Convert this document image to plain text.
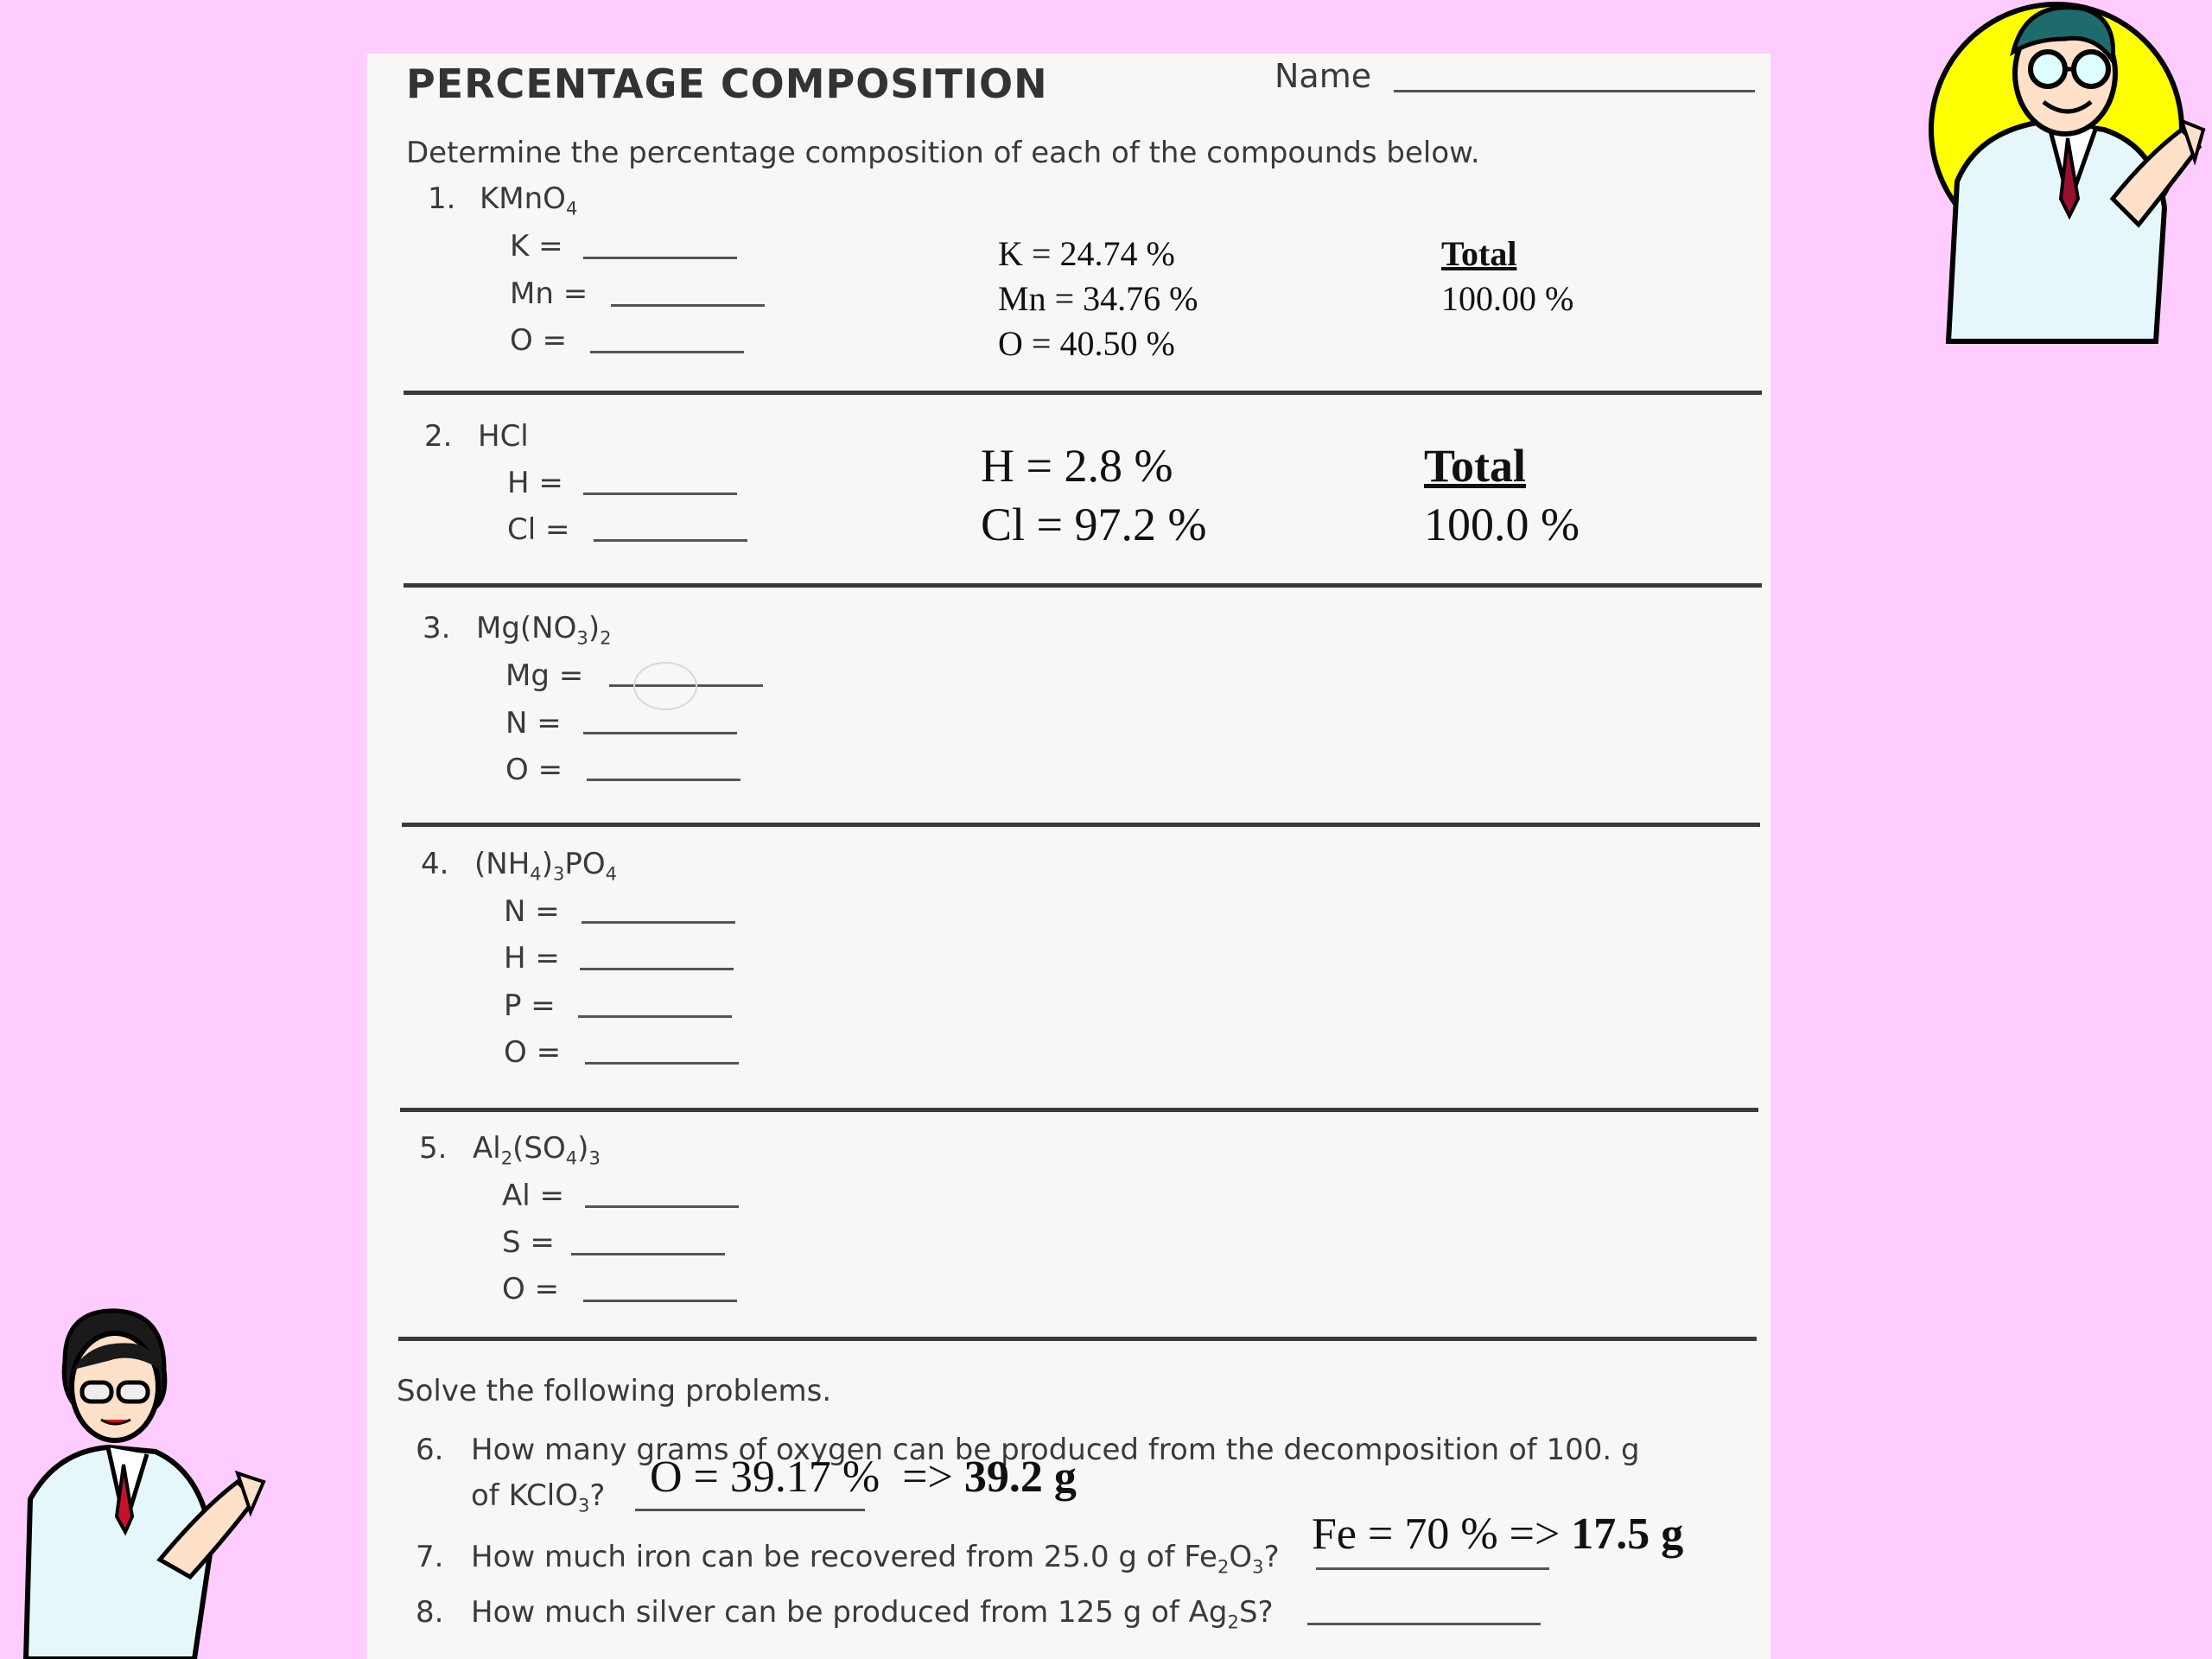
PERCENTAGE COMPOSITION	Name
Determine the percentage composition of each of the compounds below.
1. KMnO$_4$
K =
Mn =
O =
2. HCl
H =
Cl =
3. $Mg(NO_3)_2$
Mg =
N =
O =
4. $(NH_4)_3PO_4$
N =
H =
P =
O =
5. $Al_2(SO_4)_3$
Al =
S =
O =
Solve the following problems.
6. How many grams of oxygen can be produced from the decomposition of 100. g
of KClO$_3$?
7. How much iron can be recovered from 25.0 g of $Fe_2O_3$?
8. How much silver can be produced from 125 g of $Ag_2S$?
K = 24.74 %
Mn = 34.76 %
O = 40.50 %
Total
100.00 %
H = 2.8 %
Cl = 97.2 %
Total
100.0 %
O = 39.17 % => 39.2 g
Fe = 70 % => 17.5 g
